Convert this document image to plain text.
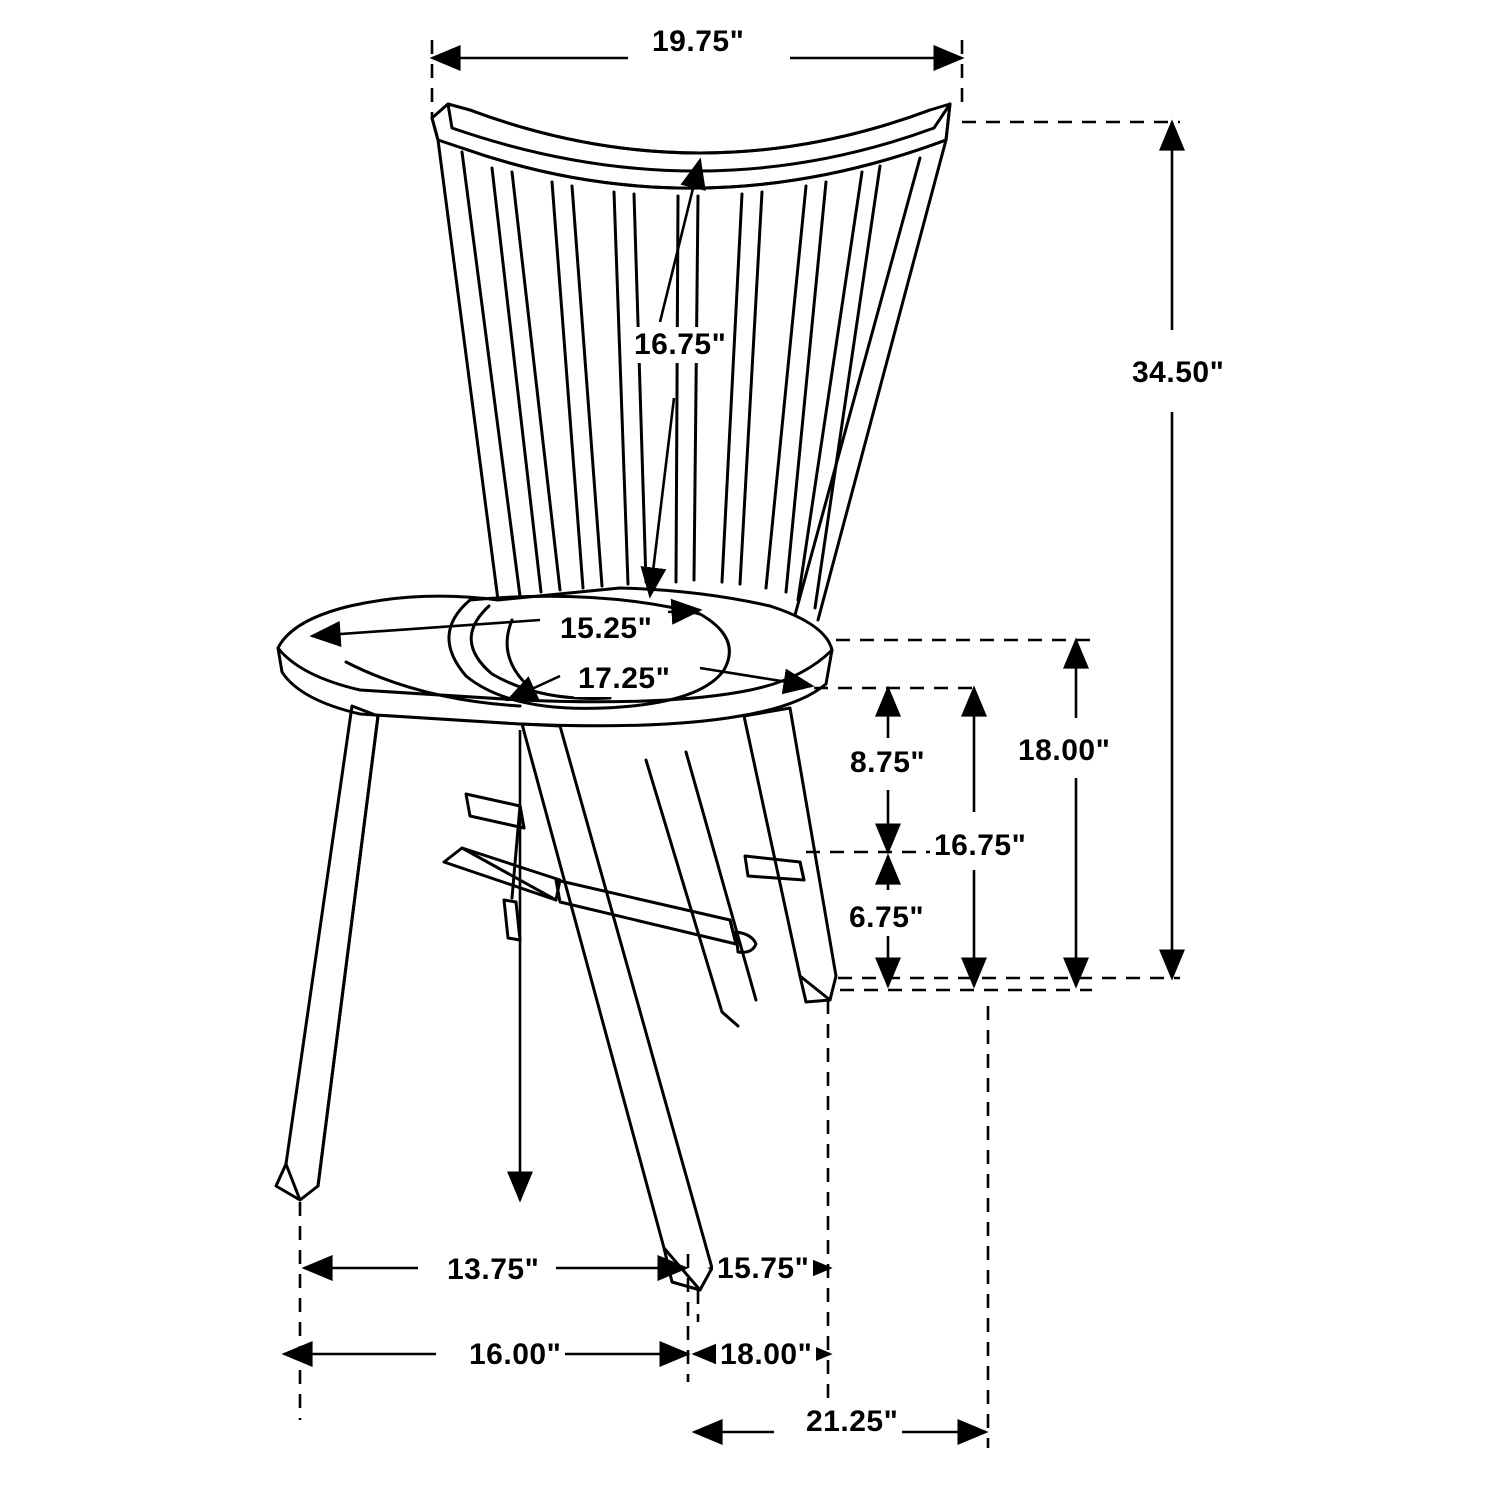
19.75"
34.50"
16.75"
15.25"
17.25"
18.00"
8.75"
16.75"
6.75"
13.75"	15.75"
16.00"	18.00"
21.25"
